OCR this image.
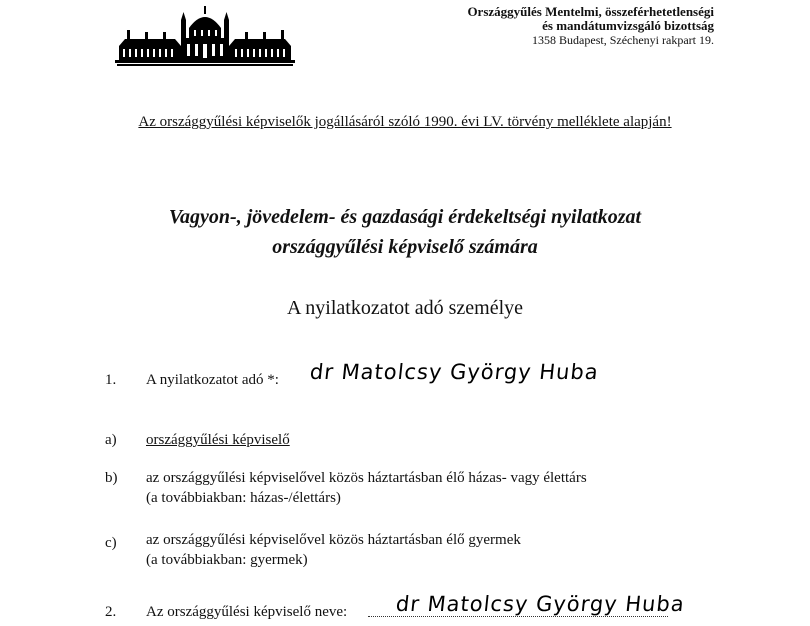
Országgyűlés Mentelmi, összeférhetetlenségi
és mandátumvizsgáló bizottság
1358 Budapest, Széchenyi rakpart 19.
Az országgyűlési képviselők jogállásáról szóló 1990. évi LV. törvény melléklete alapján!
Vagyon-, jövedelem- és gazdasági érdekeltségi nyilatkozat
országgyűlési képviselő számára
A nyilatkozatot adó személye
1. A nyilatkozatot adó *: dr Matolcsy György Huba
a) országgyűlési képviselő
b) az országgyűlési képviselővel közös háztartásban élő házas- vagy élettárs
(a továbbiakban: házas-/élettárs)
c) az országgyűlési képviselővel közös háztartásban élő gyermek
(a továbbiakban: gyermek)
2. Az országgyűlési képviselő neve: dr Matolcsy György Huba
